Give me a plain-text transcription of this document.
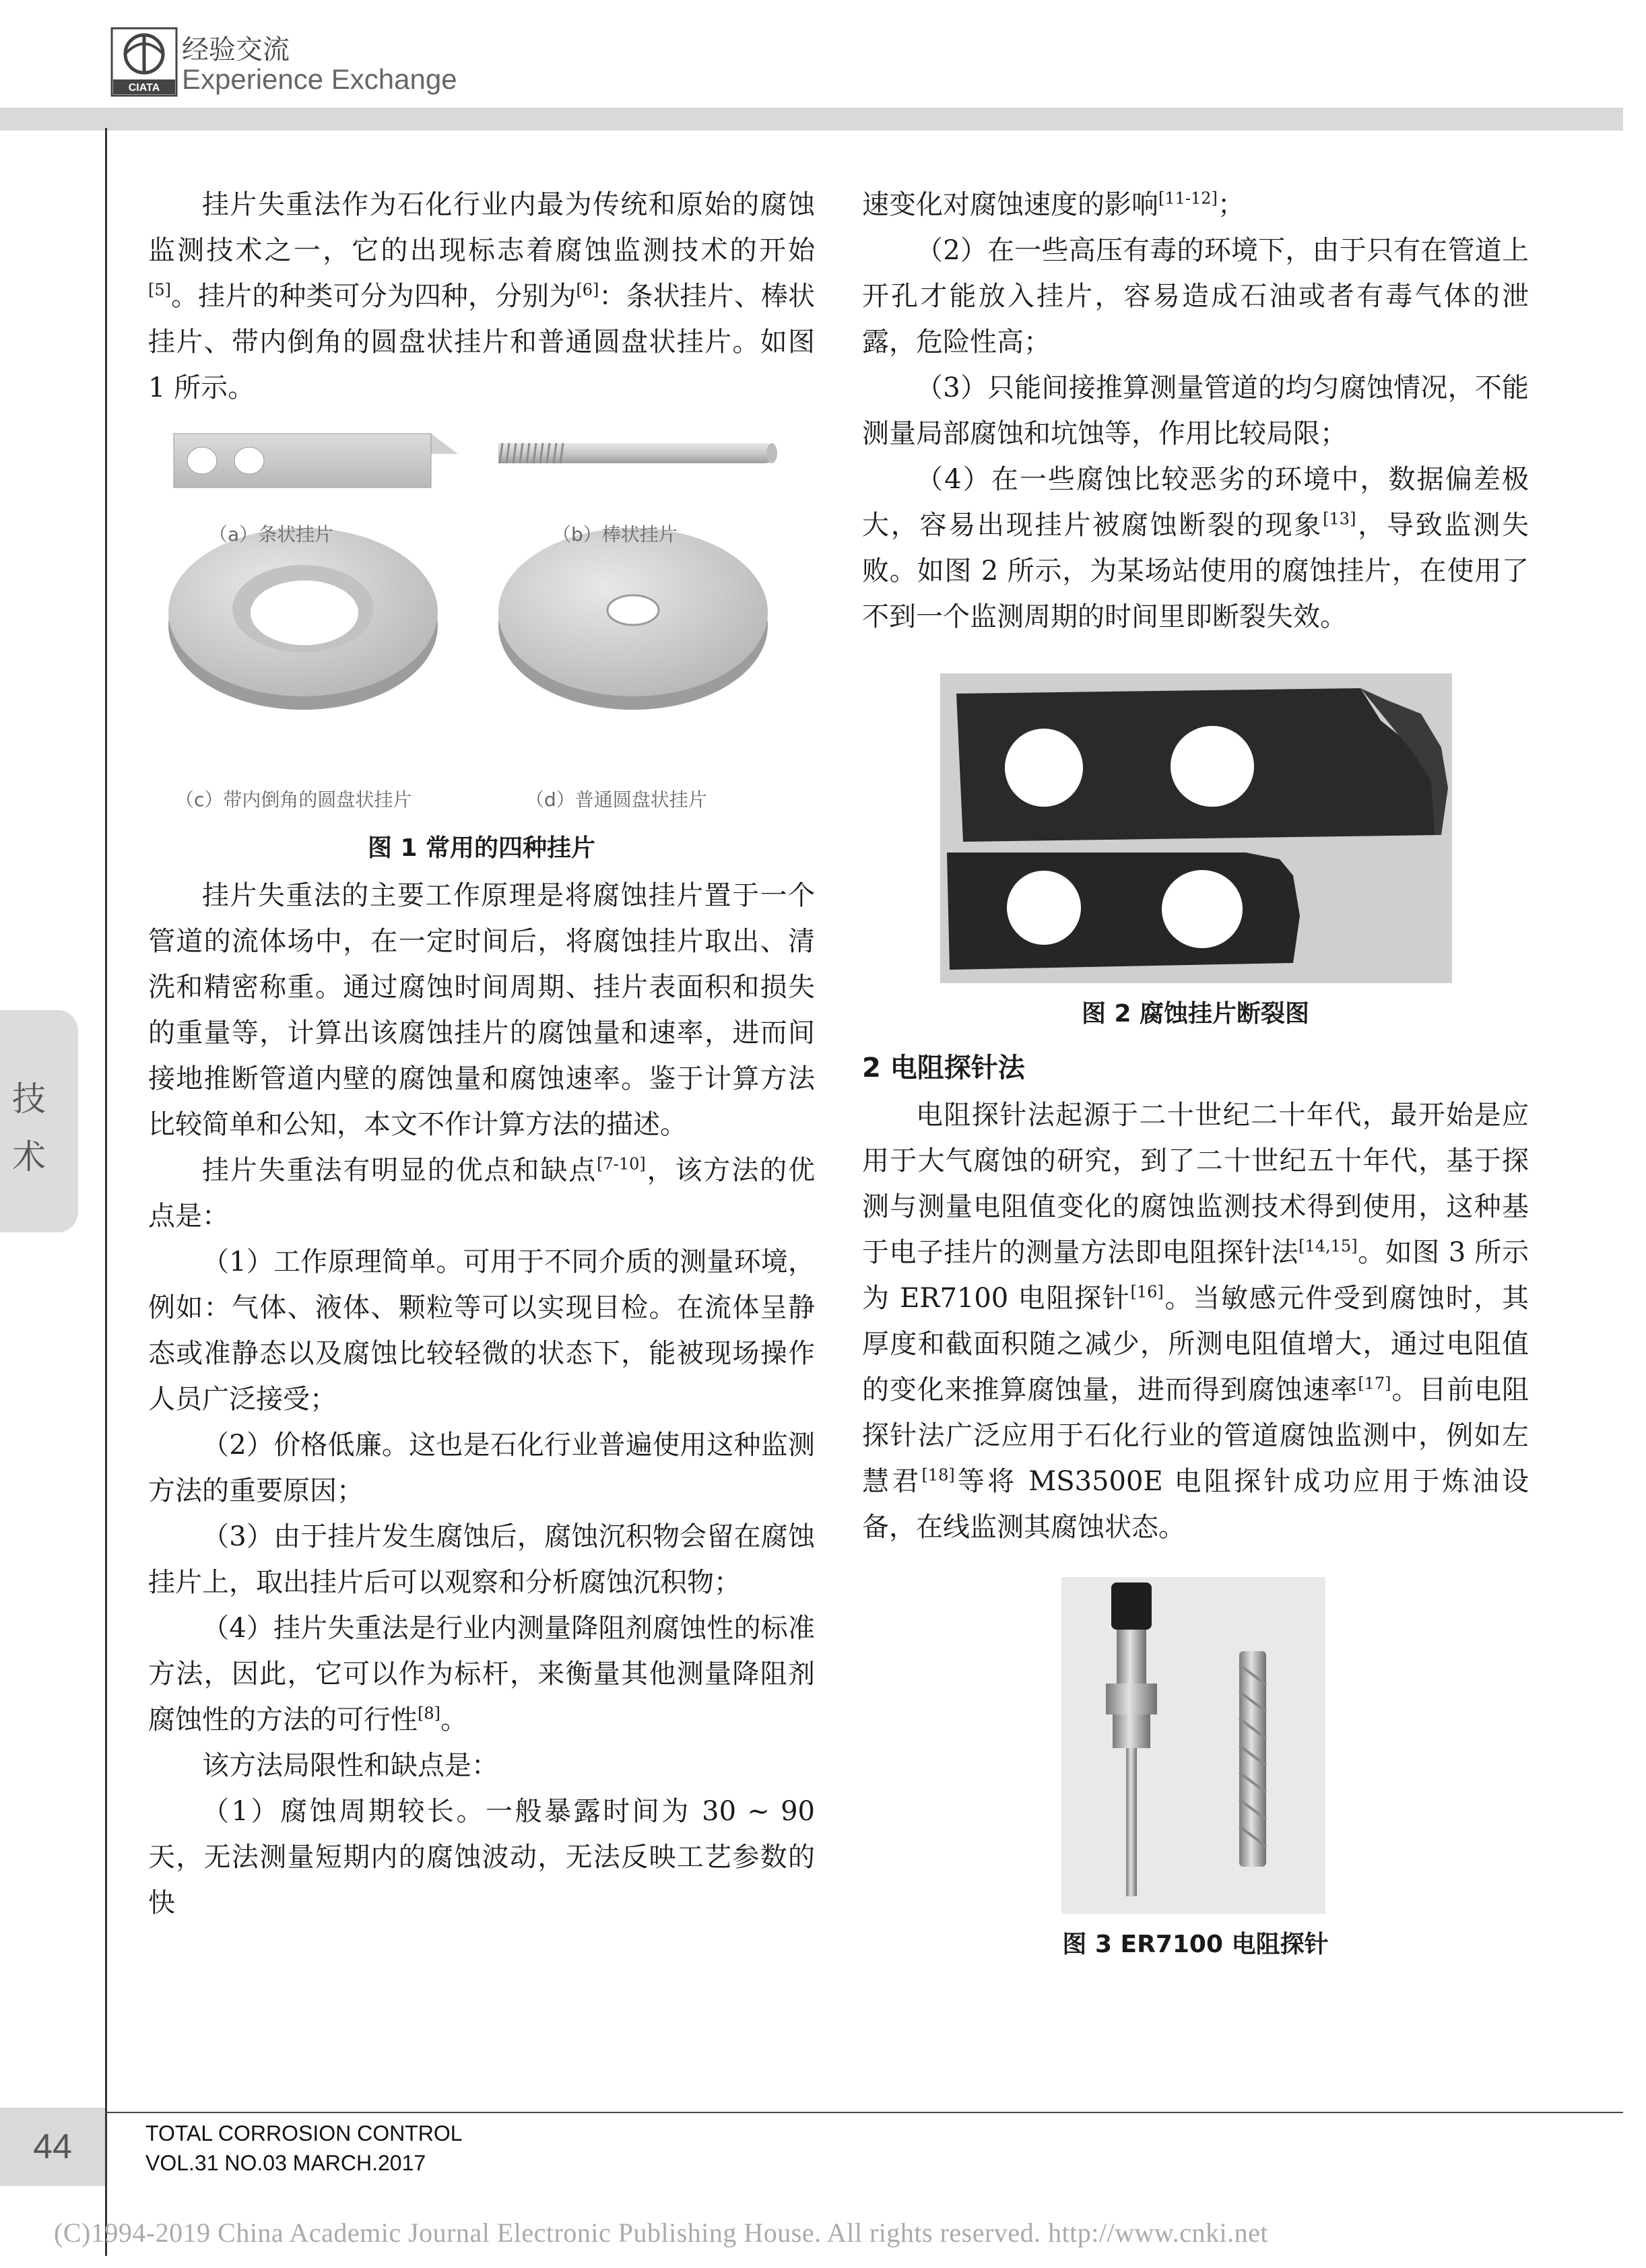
CIATA
经验交流
Experience Exchange
技
术

挂片失重法作为石化行业内最为传统和原始的腐蚀监测技术之一，它的出现标志着腐蚀监测技术的开始[5]。挂片的种类可分为四种，分别为[6]：条状挂片、棒状挂片、带内倒角的圆盘状挂片和普通圆盘状挂片。如图 1 所示。

（a）条状挂片	（b）棒状挂片
（c）带内倒角的圆盘状挂片	（d）普通圆盘状挂片
图 1 常用的四种挂片

挂片失重法的主要工作原理是将腐蚀挂片置于一个管道的流体场中，在一定时间后，将腐蚀挂片取出、清洗和精密称重。通过腐蚀时间周期、挂片表面积和损失的重量等，计算出该腐蚀挂片的腐蚀量和速率，进而间接地推断管道内壁的腐蚀量和腐蚀速率。鉴于计算方法比较简单和公知，本文不作计算方法的描述。

挂片失重法有明显的优点和缺点[7-10]，该方法的优点是：

（1）工作原理简单。可用于不同介质的测量环境，例如：气体、液体、颗粒等可以实现目检。在流体呈静态或准静态以及腐蚀比较轻微的状态下，能被现场操作人员广泛接受；

（2）价格低廉。这也是石化行业普遍使用这种监测方法的重要原因；

（3）由于挂片发生腐蚀后，腐蚀沉积物会留在腐蚀挂片上，取出挂片后可以观察和分析腐蚀沉积物；

（4）挂片失重法是行业内测量降阻剂腐蚀性的标准方法，因此，它可以作为标杆，来衡量其他测量降阻剂腐蚀性的方法的可行性[8]。

该方法局限性和缺点是：

（1）腐蚀周期较长。一般暴露时间为 30 ~ 90 天，无法测量短期内的腐蚀波动，无法反映工艺参数的快

速变化对腐蚀速度的影响[11-12]；

（2）在一些高压有毒的环境下，由于只有在管道上开孔才能放入挂片，容易造成石油或者有毒气体的泄露，危险性高；

（3）只能间接推算测量管道的均匀腐蚀情况，不能测量局部腐蚀和坑蚀等，作用比较局限；

（4）在一些腐蚀比较恶劣的环境中，数据偏差极大，容易出现挂片被腐蚀断裂的现象[13]，导致监测失败。如图 2 所示，为某场站使用的腐蚀挂片，在使用了不到一个监测周期的时间里即断裂失效。

图 2 腐蚀挂片断裂图
2 电阻探针法

电阻探针法起源于二十世纪二十年代，最开始是应用于大气腐蚀的研究，到了二十世纪五十年代，基于探测与测量电阻值变化的腐蚀监测技术得到使用，这种基于电子挂片的测量方法即电阻探针法[14,15]。如图 3 所示为 ER7100 电阻探针[16]。当敏感元件受到腐蚀时，其厚度和截面积随之减少，所测电阻值增大，通过电阻值的变化来推算腐蚀量，进而得到腐蚀速率[17]。目前电阻探针法广泛应用于石化行业的管道腐蚀监测中，例如左慧君[18]等将 MS3500E 电阻探针成功应用于炼油设备，在线监测其腐蚀状态。

图 3 ER7100 电阻探针
44	TOTAL CORROSION CONTROL
VOL.31 NO.03 MARCH.2017
(C)1994-2019 China Academic Journal Electronic Publishing House. All rights reserved. http://www.cnki.net
